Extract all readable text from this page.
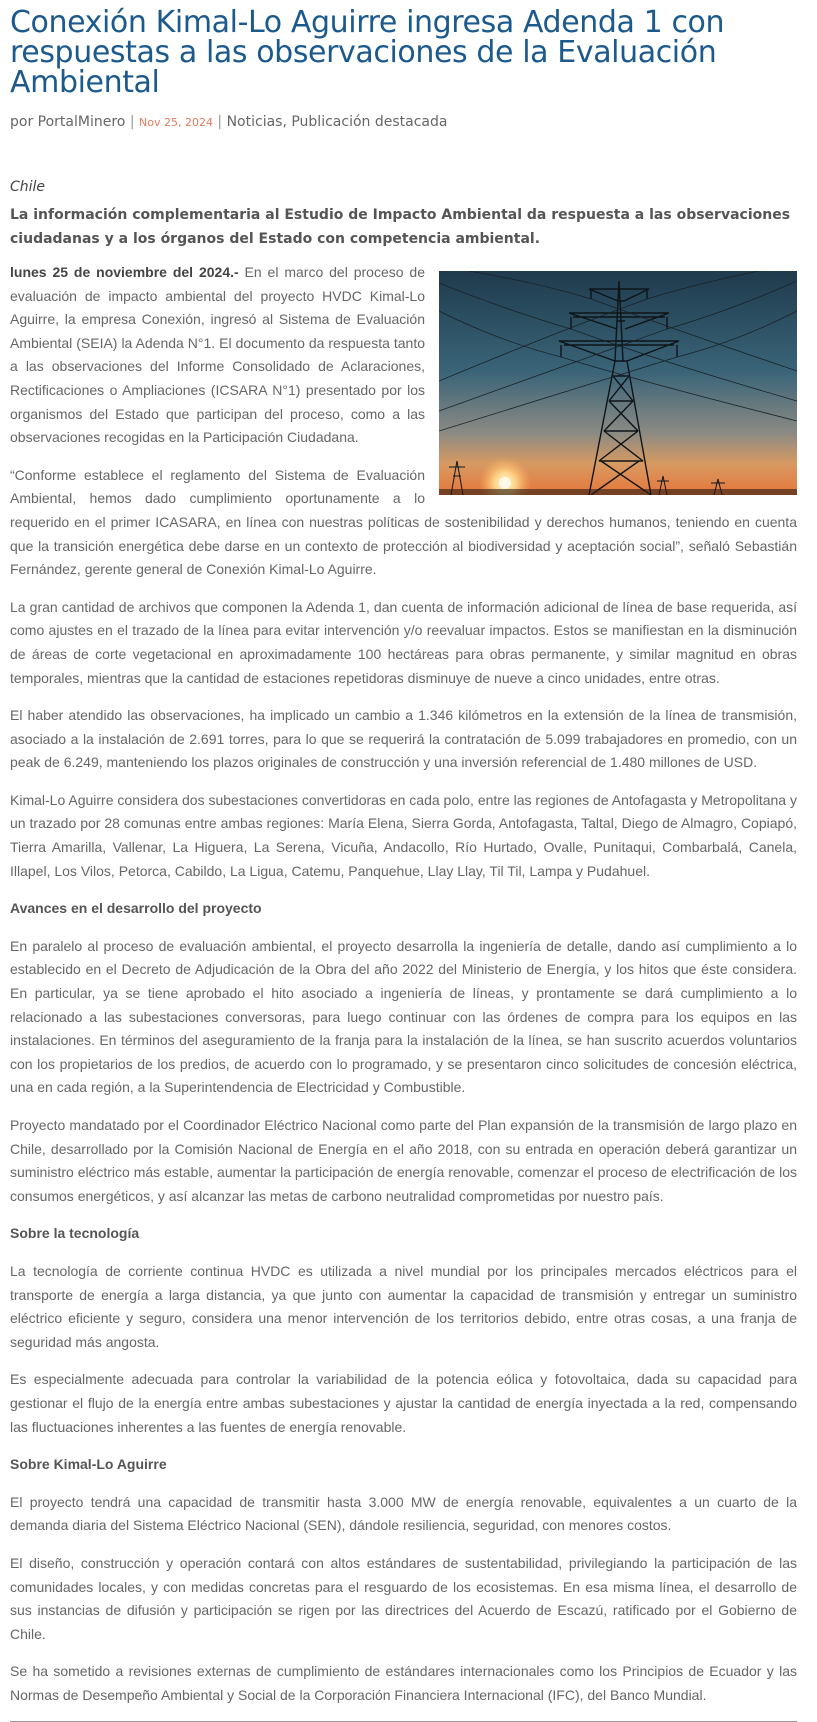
Conexión Kimal-Lo Aguirre ingresa Adenda 1 con respuestas a las observaciones de la Evaluación Ambiental
por PortalMinero | Nov 25, 2024 | Noticias, Publicación destacada
Chile
La información complementaria al Estudio de Impacto Ambiental da respuesta a las observaciones ciudadanas y a los órganos del Estado con competencia ambiental.

lunes 25 de noviembre del 2024.- En el marco del proceso de evaluación de impacto ambiental del proyecto HVDC Kimal-Lo Aguirre, la empresa Conexión, ingresó al Sistema de Evaluación Ambiental (SEIA) la Adenda N°1. El documento da respuesta tanto a las observaciones del Informe Consolidado de Aclaraciones, Rectificaciones o Ampliaciones (ICSARA N°1) presentado por los organismos del Estado que participan del proceso, como a las observaciones recogidas en la Participación Ciudadana.

“Conforme establece el reglamento del Sistema de Evaluación Ambiental, hemos dado cumplimiento oportunamente a lo requerido en el primer ICASARA, en línea con nuestras políticas de sostenibilidad y derechos humanos, teniendo en cuenta que la transición energética debe darse en un contexto de protección al biodiversidad y aceptación social”, señaló Sebastián Fernández, gerente general de Conexión Kimal-Lo Aguirre.

La gran cantidad de archivos que componen la Adenda 1, dan cuenta de información adicional de línea de base requerida, así como ajustes en el trazado de la línea para evitar intervención y/o reevaluar impactos. Estos se manifiestan en la disminución de áreas de corte vegetacional en aproximadamente 100 hectáreas para obras permanente, y similar magnitud en obras temporales, mientras que la cantidad de estaciones repetidoras disminuye de nueve a cinco unidades, entre otras.

El haber atendido las observaciones, ha implicado un cambio a 1.346 kilómetros en la extensión de la línea de transmisión, asociado a la instalación de 2.691 torres, para lo que se requerirá la contratación de 5.099 trabajadores en promedio, con un peak de 6.249, manteniendo los plazos originales de construcción y una inversión referencial de 1.480 millones de USD.

Kimal-Lo Aguirre considera dos subestaciones convertidoras en cada polo, entre las regiones de Antofagasta y Metropolitana y un trazado por 28 comunas entre ambas regiones: María Elena, Sierra Gorda, Antofagasta, Taltal, Diego de Almagro, Copiapó, Tierra Amarilla, Vallenar, La Higuera, La Serena, Vicuña, Andacollo, Río Hurtado, Ovalle, Punitaqui, Combarbalá, Canela, Illapel, Los Vilos, Petorca, Cabildo, La Ligua, Catemu, Panquehue, Llay Llay, Til Til, Lampa y Pudahuel.

Avances en el desarrollo del proyecto

En paralelo al proceso de evaluación ambiental, el proyecto desarrolla la ingeniería de detalle, dando así cumplimiento a lo establecido en el Decreto de Adjudicación de la Obra del año 2022 del Ministerio de Energía, y los hitos que éste considera. En particular, ya se tiene aprobado el hito asociado a ingeniería de líneas, y prontamente se dará cumplimiento a lo relacionado a las subestaciones conversoras, para luego continuar con las órdenes de compra para los equipos en las instalaciones. En términos del aseguramiento de la franja para la instalación de la línea, se han suscrito acuerdos voluntarios con los propietarios de los predios, de acuerdo con lo programado, y se presentaron cinco solicitudes de concesión eléctrica, una en cada región, a la Superintendencia de Electricidad y Combustible.

Proyecto mandatado por el Coordinador Eléctrico Nacional como parte del Plan expansión de la transmisión de largo plazo en Chile, desarrollado por la Comisión Nacional de Energía en el año 2018, con su entrada en operación deberá garantizar un suministro eléctrico más estable, aumentar la participación de energía renovable, comenzar el proceso de electrificación de los consumos energéticos, y así alcanzar las metas de carbono neutralidad comprometidas por nuestro país.

Sobre la tecnología

La tecnología de corriente continua HVDC es utilizada a nivel mundial por los principales mercados eléctricos para el transporte de energía a larga distancia, ya que junto con aumentar la capacidad de transmisión y entregar un suministro eléctrico eficiente y seguro, considera una menor intervención de los territorios debido, entre otras cosas, a una franja de seguridad más angosta.

Es especialmente adecuada para controlar la variabilidad de la potencia eólica y fotovoltaica, dada su capacidad para gestionar el flujo de la energía entre ambas subestaciones y ajustar la cantidad de energía inyectada a la red, compensando las fluctuaciones inherentes a las fuentes de energía renovable.

Sobre Kimal-Lo Aguirre

El proyecto tendrá una capacidad de transmitir hasta 3.000 MW de energía renovable, equivalentes a un cuarto de la demanda diaria del Sistema Eléctrico Nacional (SEN), dándole resiliencia, seguridad, con menores costos.

El diseño, construcción y operación contará con altos estándares de sustentabilidad, privilegiando la participación de las comunidades locales, y con medidas concretas para el resguardo de los ecosistemas. En esa misma línea, el desarrollo de sus instancias de difusión y participación se rigen por las directrices del Acuerdo de Escazú, ratificado por el Gobierno de Chile.

Se ha sometido a revisiones externas de cumplimiento de estándares internacionales como los Principios de Ecuador y las Normas de Desempeño Ambiental y Social de la Corporación Financiera Internacional (IFC), del Banco Mundial.
